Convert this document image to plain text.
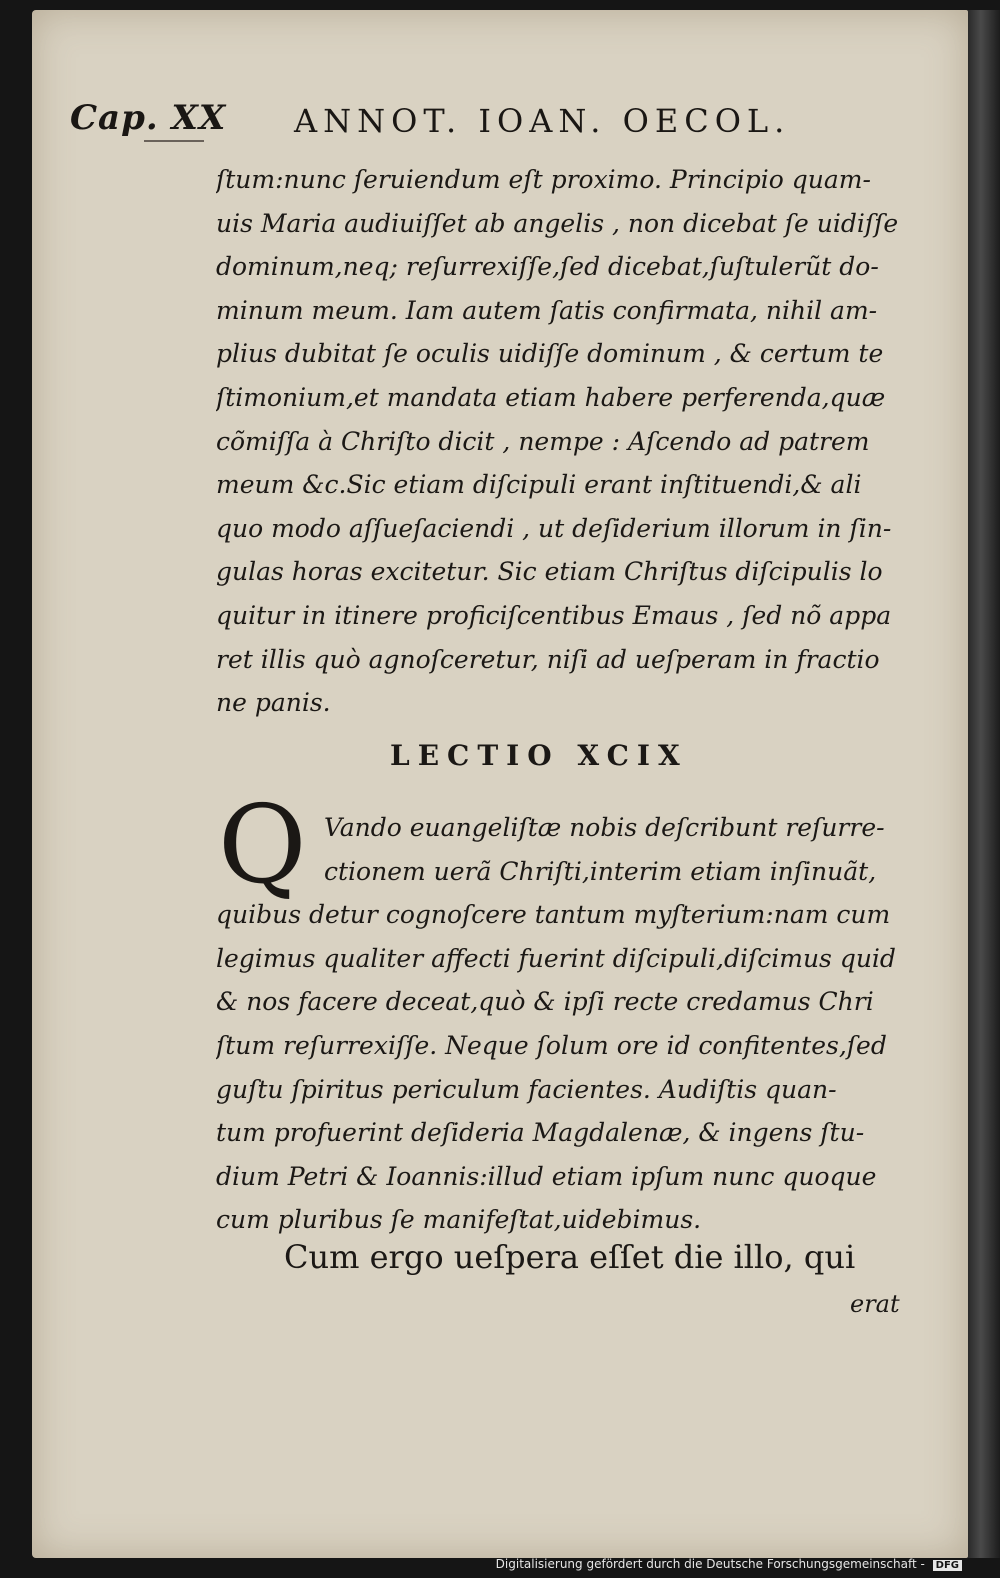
Cap. XX ANNOT. IOAN. OECOL.
ſtum:nunc ſeruiendum eſt proximo. Principio quam-
uis Maria audiuiſſet ab angelis , non dicebat ſe uidiſſe
dominum,neq; reſurrexiſſe,ſed dicebat,ſuſtulerũt do-
minum meum. Iam autem ſatis confirmata, nihil am-
plius dubitat ſe oculis uidiſſe dominum , & certum te
ſtimonium,et mandata etiam habere perferenda,quæ
cõmiſſa à Chriſto dicit , nempe : Aſcendo ad patrem
meum &c.Sic etiam diſcipuli erant inſtituendi,& ali
quo modo aſſueſaciendi , ut deſiderium illorum in ſin-
gulas horas excitetur. Sic etiam Chriſtus diſcipulis lo
quitur in itinere proficiſcentibus Emaus , ſed nõ appa
ret illis quò agnoſceretur, niſi ad ueſperam in fractio
ne panis.
LECTIO XCIX
Q Vando euangeliſtæ nobis deſcribunt reſurre-
ctionem uerã Chriſti,interim etiam inſinuãt,
quibus detur cognoſcere tantum myſterium:nam cum
legimus qualiter affecti fuerint diſcipuli,diſcimus quid
& nos facere deceat,quò & ipſi recte credamus Chri
ſtum reſurrexiſſe. Neque ſolum ore id confitentes,ſed
guſtu ſpiritus periculum facientes. Audiſtis quan-
tum profuerint deſideria Magdalenæ, & ingens ſtu-
dium Petri & Ioannis:illud etiam ipſum nunc quoque
cum pluribus ſe manifeſtat,uidebimus.
Cum ergo ueſpera eſſet die illo, qui
erat
Digitalisierung gefördert durch die Deutsche Forschungsgemeinschaft - DFG
